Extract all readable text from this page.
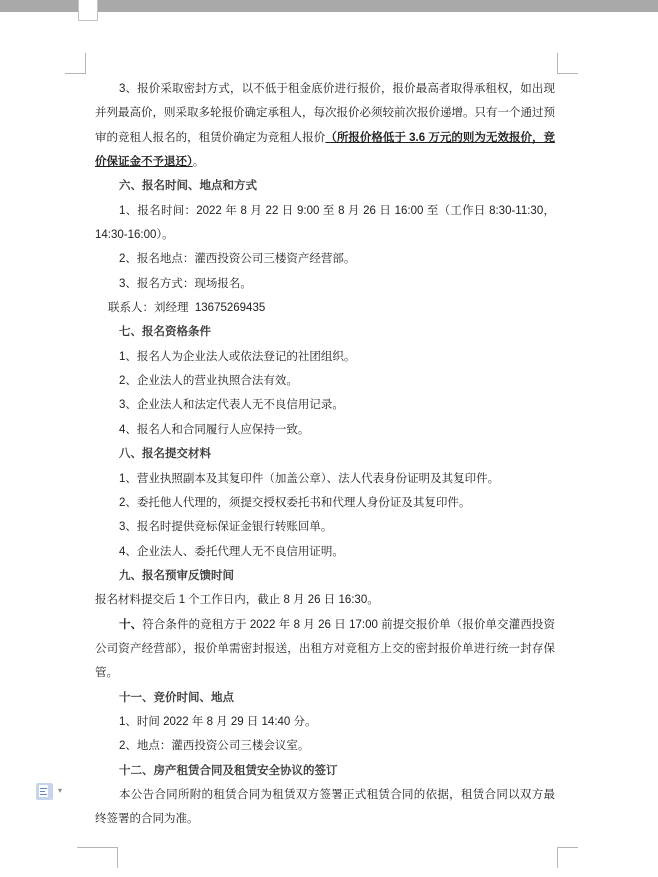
3、报价采取密封方式，以不低于租金底价进行报价，报价最高者取得承租权，如出现并列最高价，则采取多轮报价确定承租人，每次报价必须较前次报价递增。只有一个通过预审的竞租人报名的，租赁价确定为竞租人报价（所报价格低于 3.6 万元的则为无效报价，竞价保证金不予退还）。

六、报名时间、地点和方式

1、报名时间：2022 年 8 月 22 日 9:00 至 8 月 26 日 16:00 至（工作日 8:30-11:30，14:30-16:00）。

2、报名地点：灌西投资公司三楼资产经营部。

3、报名方式：现场报名。

联系人：刘经理  13675269435

七、报名资格条件

1、报名人为企业法人或依法登记的社团组织。

2、企业法人的营业执照合法有效。

3、企业法人和法定代表人无不良信用记录。

4、报名人和合同履行人应保持一致。

八、报名提交材料

1、营业执照副本及其复印件（加盖公章）、法人代表身份证明及其复印件。

2、委托他人代理的，须提交授权委托书和代理人身份证及其复印件。

3、报名时提供竞标保证金银行转账回单。

4、企业法人、委托代理人无不良信用证明。

九、报名预审反馈时间

报名材料提交后 1 个工作日内，截止 8 月 26 日 16:30。

十、符合条件的竞租方于 2022 年 8 月 26 日 17:00 前提交报价单（报价单交灌西投资公司资产经营部），报价单需密封报送，出租方对竞租方上交的密封报价单进行统一封存保管。

十一、竞价时间、地点

1、时间 2022 年 8 月 29 日 14:40 分。

2、地点：灌西投资公司三楼会议室。

十二、房产租赁合同及租赁安全协议的签订

本公告合同所附的租赁合同为租赁双方签署正式租赁合同的依据，租赁合同以双方最终签署的合同为准。

▾
